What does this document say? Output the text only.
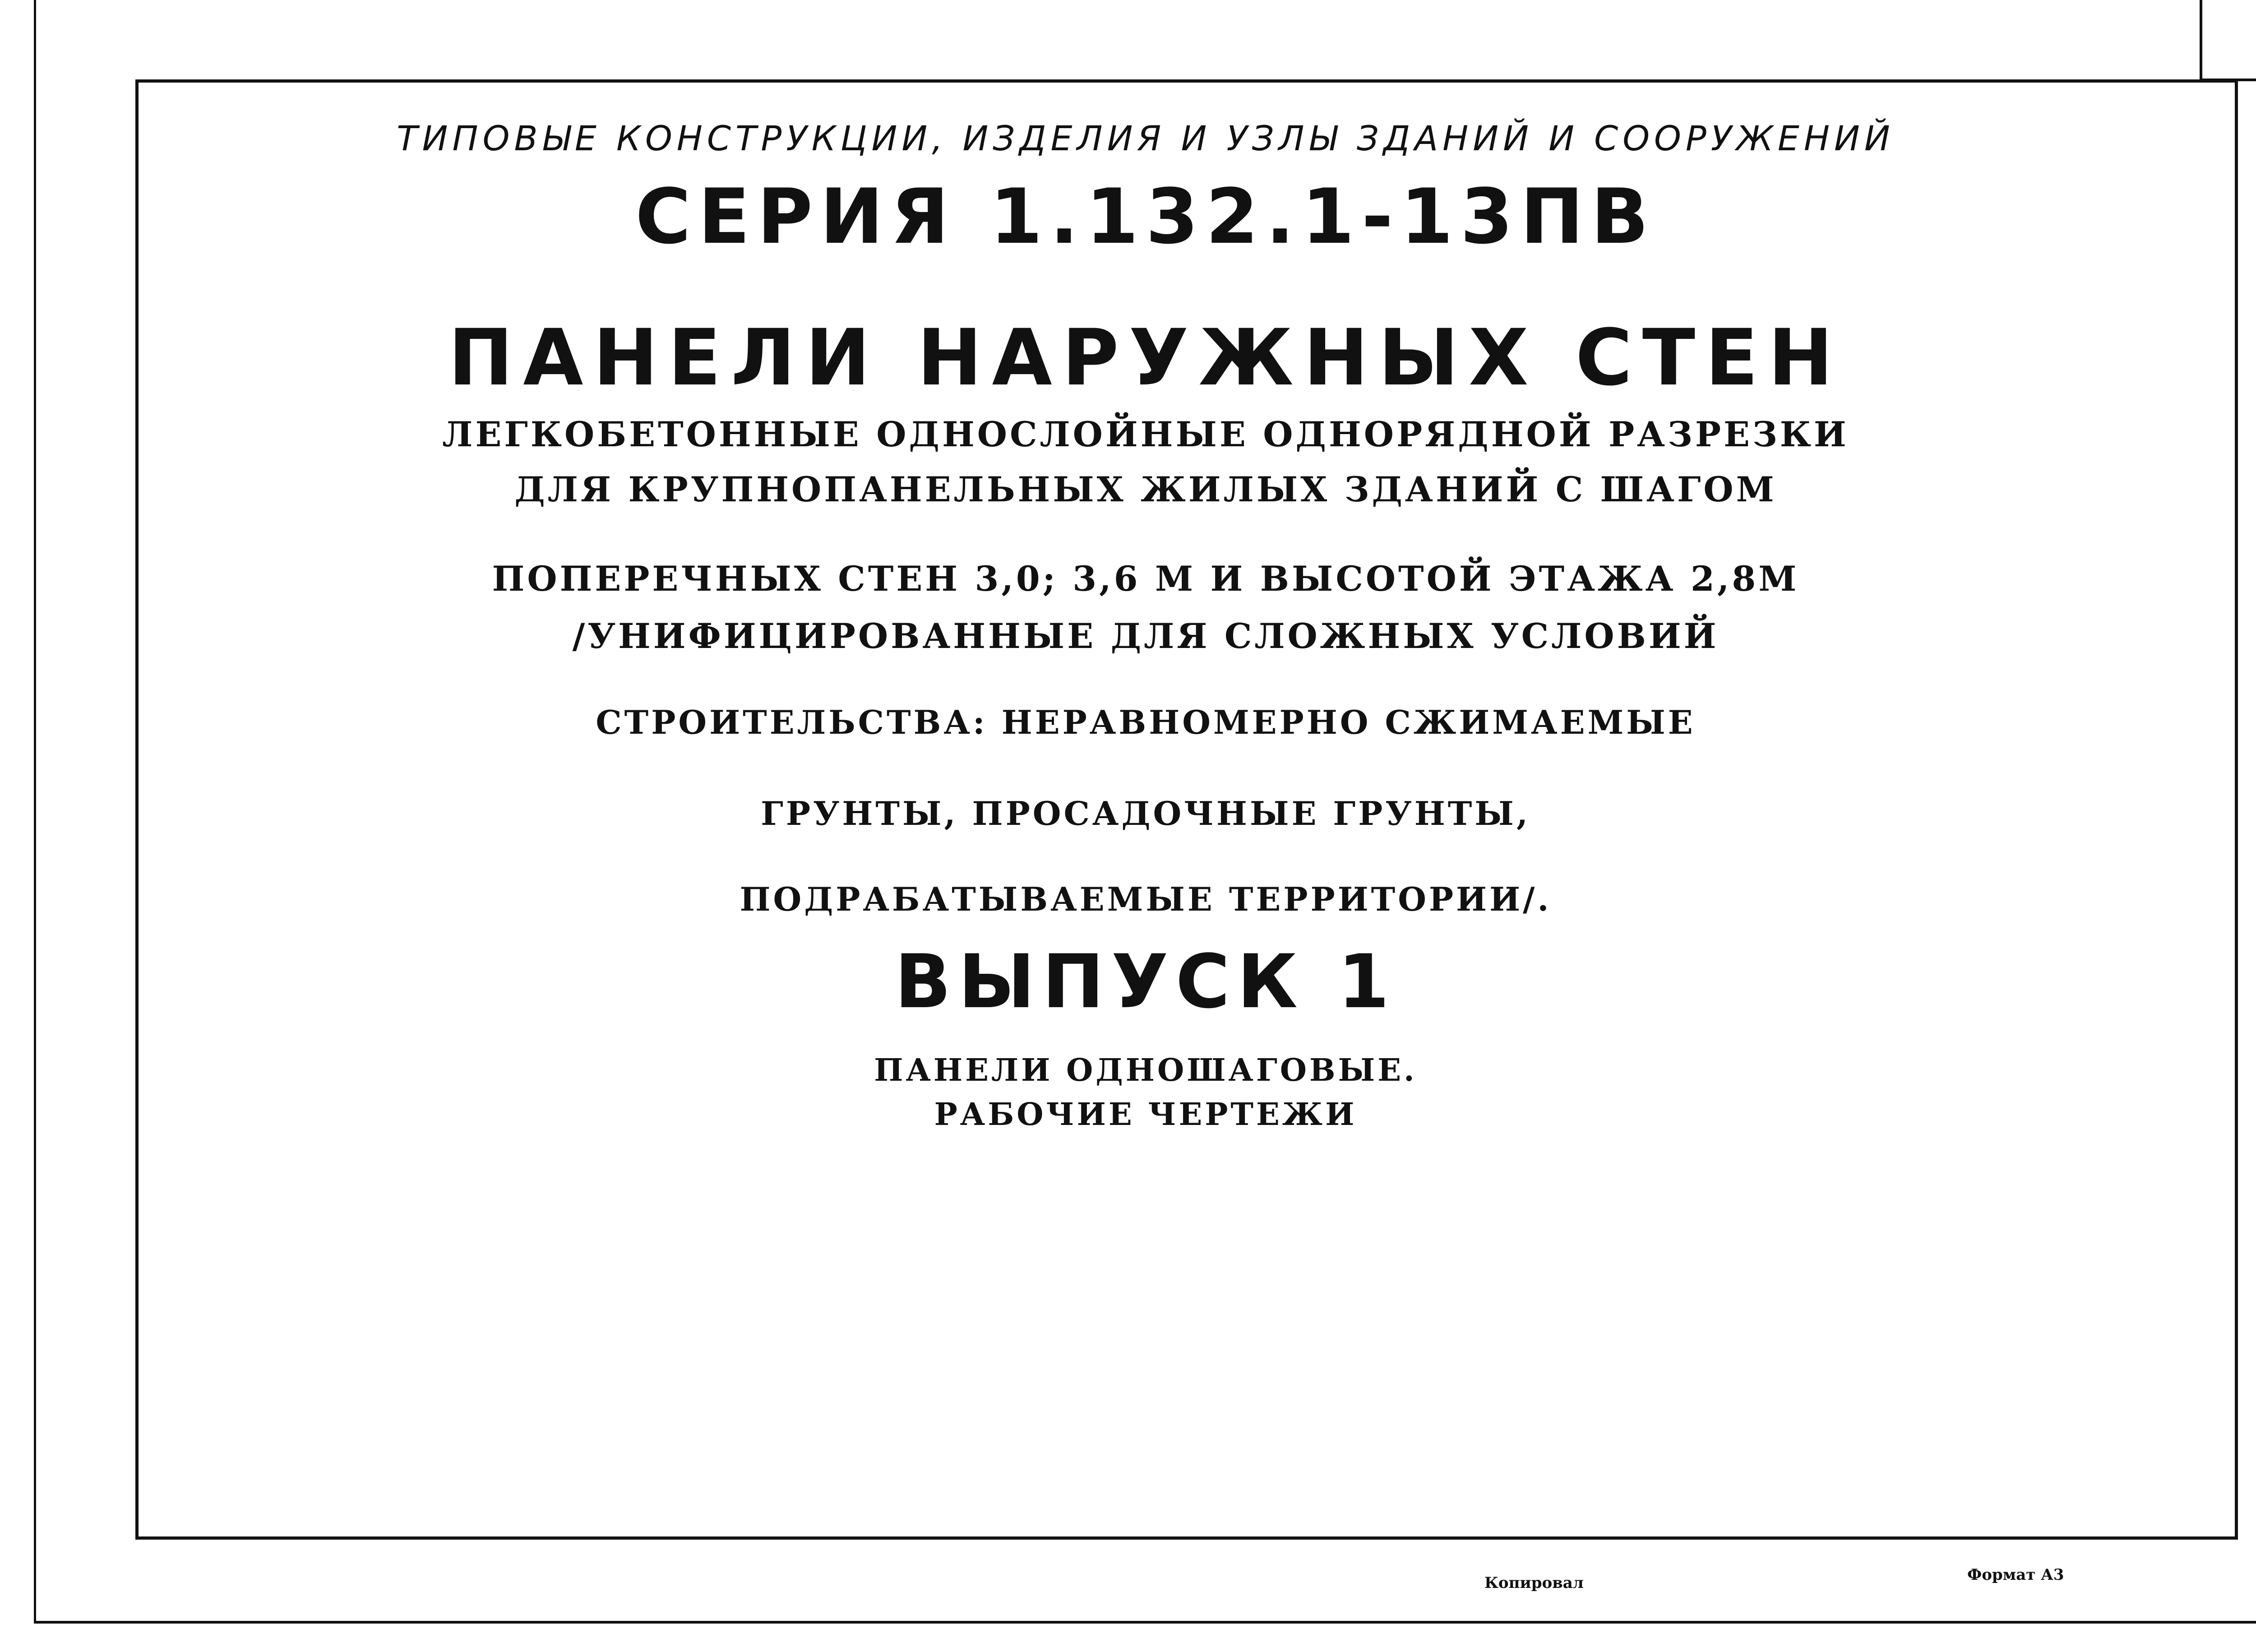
ТИПОВЫЕ КОНСТРУКЦИИ, ИЗДЕЛИЯ И УЗЛЫ ЗДАНИЙ И СООРУЖЕНИЙ
СЕРИЯ 1.132.1-13ПВ
ПАНЕЛИ НАРУЖНЫХ СТЕН
ЛЕГКОБЕТОННЫЕ ОДНОСЛОЙНЫЕ ОДНОРЯДНОЙ РАЗРЕЗКИ
ДЛЯ КРУПНОПАНЕЛЬНЫХ ЖИЛЫХ ЗДАНИЙ С ШАГОМ
ПОПЕРЕЧНЫХ СТЕН 3,0; 3,6 М И ВЫСОТОЙ ЭТАЖА 2,8М
/УНИФИЦИРОВАННЫЕ ДЛЯ СЛОЖНЫХ УСЛОВИЙ
СТРОИТЕЛЬСТВА: НЕРАВНОМЕРНО СЖИМАЕМЫЕ
ГРУНТЫ, ПРОСАДОЧНЫЕ ГРУНТЫ,
ПОДРАБАТЫВАЕМЫЕ ТЕРРИТОРИИ/.
ВЫПУСК 1
ПАНЕЛИ ОДНОШАГОВЫЕ.
РАБОЧИЕ ЧЕРТЕЖИ
Копировал	Формат А3
